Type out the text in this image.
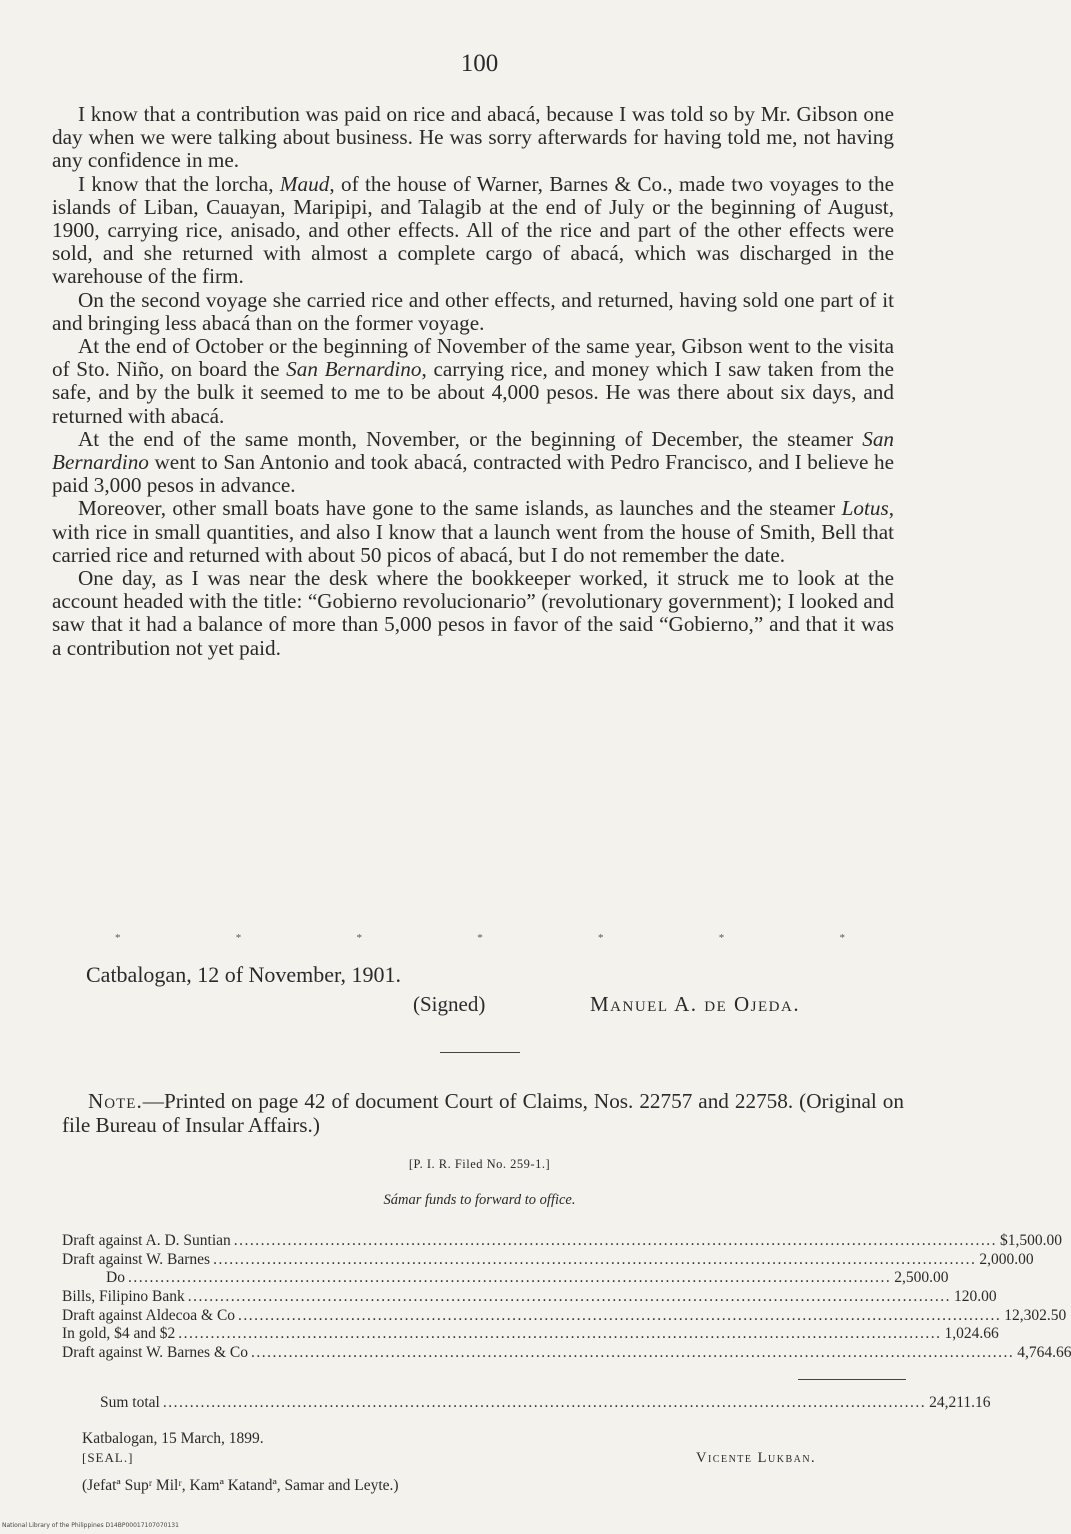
100

I know that a contribution was paid on rice and abacá, because I was told so by Mr. Gibson one day when we were talking about business. He was sorry afterwards for having told me, not having any confidence in me.

I know that the lorcha, Maud, of the house of Warner, Barnes & Co., made two voyages to the islands of Liban, Cauayan, Maripipi, and Talagib at the end of July or the beginning of August, 1900, carrying rice, anisado, and other effects. All of the rice and part of the other effects were sold, and she returned with almost a complete cargo of abacá, which was discharged in the warehouse of the firm.

On the second voyage she carried rice and other effects, and returned, having sold one part of it and bringing less abacá than on the former voyage.

At the end of October or the beginning of November of the same year, Gibson went to the visita of Sto. Niño, on board the San Bernardino, carrying rice, and money which I saw taken from the safe, and by the bulk it seemed to me to be about 4,000 pesos. He was there about six days, and returned with abacá.

At the end of the same month, November, or the beginning of December, the steamer San Bernardino went to San Antonio and took abacá, contracted with Pedro Francisco, and I believe he paid 3,000 pesos in advance.

Moreover, other small boats have gone to the same islands, as launches and the steamer Lotus, with rice in small quantities, and also I know that a launch went from the house of Smith, Bell that carried rice and returned with about 50 picos of abacá, but I do not remember the date.

One day, as I was near the desk where the bookkeeper worked, it struck me to look at the account headed with the title: “Gobierno revolucionario” (revolutionary government); I looked and saw that it had a balance of more than 5,000 pesos in favor of the said “Gobierno,” and that it was a contribution not yet paid.

*	*	*	*	*	*	*
Catbalogan, 12 of November, 1901.
(Signed)	Manuel A. de Ojeda.
Note.—Printed on page 42 of document Court of Claims, Nos. 22757 and 22758. (Original on file Bureau of Insular Affairs.)
[P. I. R. Filed No. 259-1.]
Sámar funds to forward to office.
Draft against A. D. Suntian .............................................................................................................................................. $1,500.00
Draft against W. Barnes .............................................................................................................................................. 2,000.00
Do .............................................................................................................................................. 2,500.00
Bills, Filipino Bank .............................................................................................................................................. 120.00
Draft against Aldecoa & Co .............................................................................................................................................. 12,302.50
In gold, $4 and $2 .............................................................................................................................................. 1,024.66
Draft against W. Barnes & Co .............................................................................................................................................. 4,764.66
Sum total .............................................................................................................................................. 24,211.16
Katbalogan, 15 March, 1899.
[SEAL.]	Vicente Lukban.
(Jefatª Supʳ Milʳ, Kamª Katandª, Samar and Leyte.)
National Library of the Philippines D14BP00017107070131
